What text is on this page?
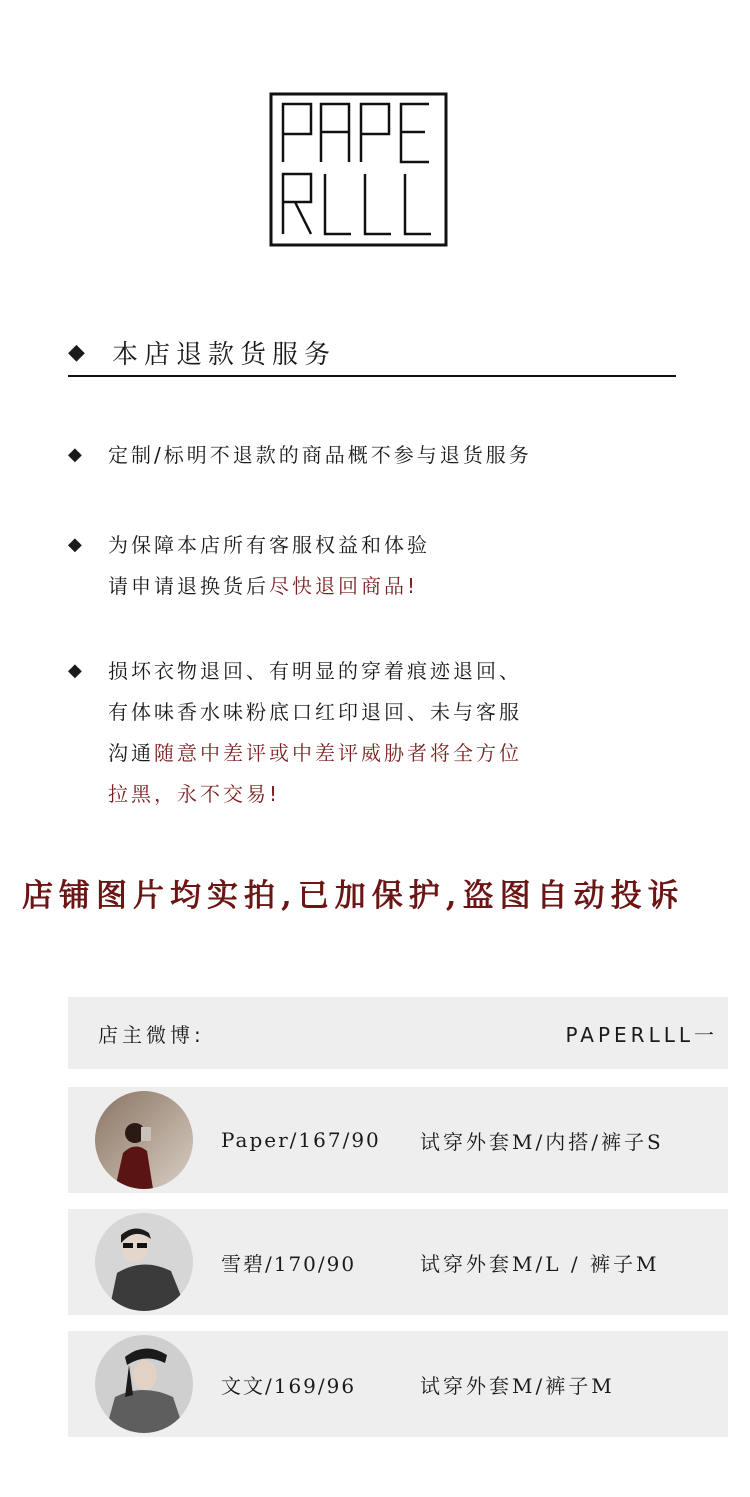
◆	本店退款货服务
◆	定制/标明不退款的商品概不参与退货服务
◆	为保障本店所有客服权益和体验
请申请退换货后尽快退回商品!
◆	损坏衣物退回、有明显的穿着痕迹退回、
有体味香水味粉底口红印退回、未与客服
沟通随意中差评或中差评威胁者将全方位
拉黑，永不交易!
店铺图片均实拍,已加保护,盗图自动投诉
店主微博:	PAPERLLL一
Paper/167/90 试穿外套M/内搭/裤子S
雪碧/170/90	试穿外套M/L / 裤子M
文文/169/96	试穿外套M/裤子M
